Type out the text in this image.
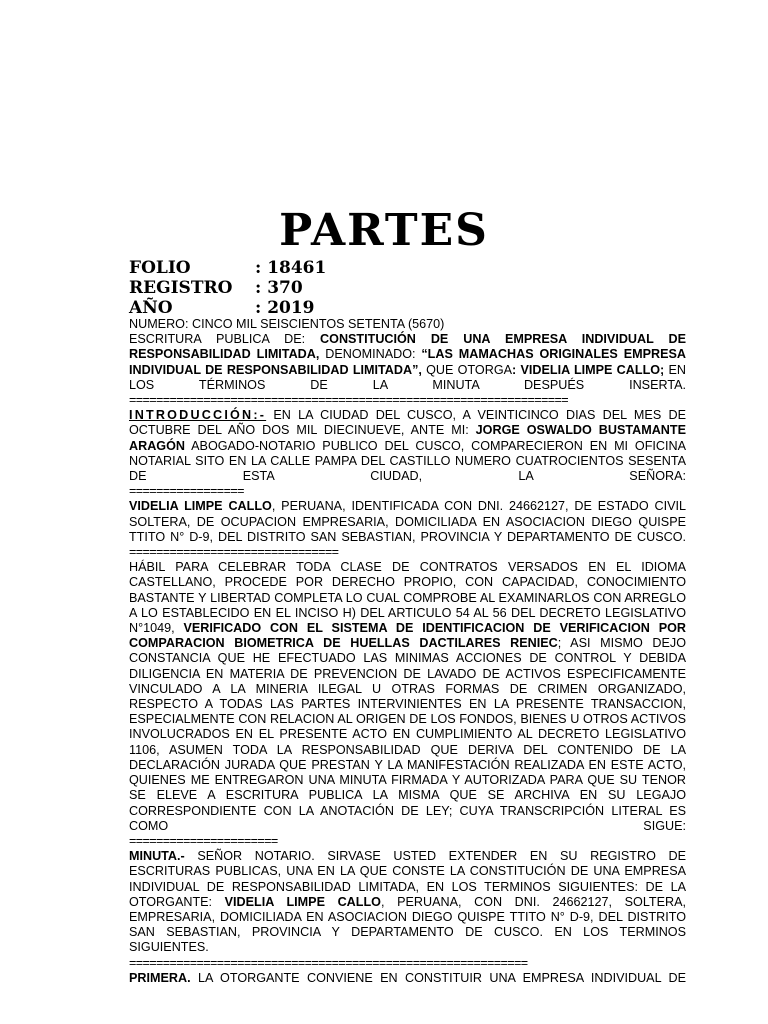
PARTES
FOLIO	: 18461
REGISTRO : 370
AÑO	: 2019

NUMERO: CINCO MIL SEISCIENTOS SETENTA (5670)

ESCRITURA PUBLICA DE: CONSTITUCIÓN DE UNA EMPRESA INDIVIDUAL DE RESPONSABILIDAD LIMITADA, DENOMINADO: “LAS MAMACHAS ORIGINALES EMPRESA INDIVIDUAL DE RESPONSABILIDAD LIMITADA”, QUE OTORGA: VIDELIA LIMPE CALLO; EN LOS TÉRMINOS DE LA MINUTA DESPUÉS INSERTA.

=================================================================

INTRODUCCIÓN:- EN LA CIUDAD DEL CUSCO, A VEINTICINCO DIAS DEL MES DE OCTUBRE DEL AÑO DOS MIL DIECINUEVE, ANTE MI: JORGE OSWALDO BUSTAMANTE ARAGÓN ABOGADO-NOTARIO PUBLICO DEL CUSCO, COMPARECIERON EN MI OFICINA NOTARIAL SITO EN LA CALLE PAMPA DEL CASTILLO NUMERO CUATROCIENTOS SESENTA DE ESTA CIUDAD, LA SEÑORA:

=================

VIDELIA LIMPE CALLO, PERUANA, IDENTIFICADA CON DNI. 24662127, DE ESTADO CIVIL SOLTERA, DE OCUPACION EMPRESARIA, DOMICILIADA EN ASOCIACION DIEGO QUISPE TTITO N° D-9, DEL DISTRITO SAN SEBASTIAN, PROVINCIA Y DEPARTAMENTO DE CUSCO.

===============================

HÁBIL PARA CELEBRAR TODA CLASE DE CONTRATOS VERSADOS EN EL IDIOMA CASTELLANO, PROCEDE POR DERECHO PROPIO, CON CAPACIDAD, CONOCIMIENTO BASTANTE Y LIBERTAD COMPLETA LO CUAL COMPROBE AL EXAMINARLOS CON ARREGLO A LO ESTABLECIDO EN EL INCISO H) DEL ARTICULO 54 AL 56 DEL DECRETO LEGISLATIVO N°1049, VERIFICADO CON EL SISTEMA DE IDENTIFICACION DE VERIFICACION POR COMPARACION BIOMETRICA DE HUELLAS DACTILARES RENIEC; ASI MISMO DEJO CONSTANCIA QUE HE EFECTUADO LAS MINIMAS ACCIONES DE CONTROL Y DEBIDA DILIGENCIA EN MATERIA DE PREVENCION DE LAVADO DE ACTIVOS ESPECIFICAMENTE VINCULADO A LA MINERIA ILEGAL U OTRAS FORMAS DE CRIMEN ORGANIZADO, RESPECTO A TODAS LAS PARTES INTERVINIENTES EN LA PRESENTE TRANSACCION, ESPECIALMENTE CON RELACION AL ORIGEN DE LOS FONDOS, BIENES U OTROS ACTIVOS INVOLUCRADOS EN EL PRESENTE ACTO EN CUMPLIMIENTO AL DECRETO LEGISLATIVO 1106, ASUMEN TODA LA RESPONSABILIDAD QUE DERIVA DEL CONTENIDO DE LA DECLARACIÓN JURADA QUE PRESTAN Y LA MANIFESTACIÓN REALIZADA EN ESTE ACTO, QUIENES ME ENTREGARON UNA MINUTA FIRMADA Y AUTORIZADA PARA QUE SU TENOR SE ELEVE A ESCRITURA PUBLICA LA MISMA QUE SE ARCHIVA EN SU LEGAJO CORRESPONDIENTE CON LA ANOTACIÓN DE LEY; CUYA TRANSCRIPCIÓN LITERAL ES COMO SIGUE:

======================

MINUTA.- SEÑOR NOTARIO. SIRVASE USTED EXTENDER EN SU REGISTRO DE ESCRITURAS PUBLICAS, UNA EN LA QUE CONSTE LA CONSTITUCIÓN DE UNA EMPRESA INDIVIDUAL DE RESPONSABILIDAD LIMITADA, EN LOS TERMINOS SIGUIENTES: DE LA OTORGANTE: VIDELIA LIMPE CALLO, PERUANA, CON DNI. 24662127, SOLTERA, EMPRESARIA, DOMICILIADA EN ASOCIACION DIEGO QUISPE TTITO N° D-9, DEL DISTRITO SAN SEBASTIAN, PROVINCIA Y DEPARTAMENTO DE CUSCO. EN LOS TERMINOS SIGUIENTES.

===========================================================

PRIMERA. LA OTORGANTE CONVIENE EN CONSTITUIR UNA EMPRESA INDIVIDUAL DE
